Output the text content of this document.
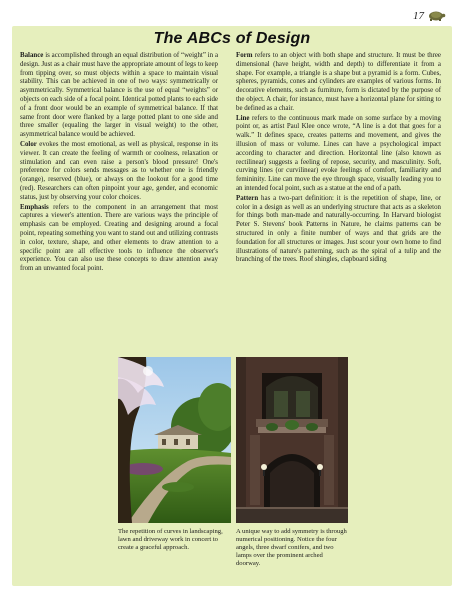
17
The ABCs of Design

Balance is accomplished through an equal distribution of “weight” in a design. Just as a chair must have the appropriate amount of legs to keep from tipping over, so must objects within a space to maintain visual stability. This can be achieved in one of two ways: symmetrically or asymmetrically. Symmetrical balance is the use of equal “weights” or objects on each side of a focal point. Identical potted plants to each side of a front door would be an example of symmetrical balance. If that same front door were flanked by a large potted plant to one side and three smaller (equaling the larger in visual weight) to the other, asymmetrical balance would be achieved.

Color evokes the most emotional, as well as physical, response in its viewer. It can create the feeling of warmth or coolness, relaxation or stimulation and can even raise a person's blood pressure! One's preference for colors sends messages as to whether one is friendly (orange), reserved (blue), or always on the lookout for a good time (red). Researchers can often pinpoint your age, gender, and economic status, just by observing your color choices.

Emphasis refers to the component in an arrangement that most captures a viewer's attention. There are various ways the principle of emphasis can be employed. Creating and designing around a focal point, repeating something you want to stand out and utilizing contrasts in color, texture, shape, and other elements to draw attention to a specific point are all effective tools to influence the observer's experience. You can also use these concepts to draw attention away from an unwanted focal point.

Form refers to an object with both shape and structure. It must be three dimensional (have height, width and depth) to differentiate it from a shape. For example, a triangle is a shape but a pyramid is a form. Cubes, spheres, pyramids, cones and cylinders are examples of various forms. In decorative elements, such as furniture, form is dictated by the purpose of the object. A chair, for instance, must have a horizontal plane for sitting to be defined as a chair.

Line refers to the continuous mark made on some surface by a moving point or, as artist Paul Klee once wrote, “A line is a dot that goes for a walk.” It defines space, creates patterns and movement, and gives the illusion of mass or volume. Lines can have a psychological impact according to character and direction. Horizontal line (also known as rectilinear) suggests a feeling of repose, security, and masculinity. Soft, curving lines (or curvilinear) evoke feelings of comfort, familiarity and femininity. Line can move the eye through space, visually leading you to an intended focal point, such as a statue at the end of a path.

Pattern has a two-part definition: it is the repetition of shape, line, or color in a design as well as an underlying structure that acts as a skeleton for things both man-made and naturally-occurring. In Harvard biologist Peter S. Stevens' book Patterns in Nature, he claims patterns can be structured in only a finite number of ways and that grids are the foundation for all structures or images. Just scour your own home to find illustrations of nature's patterning, such as the spiral of a tulip and the branching of the trees. Roof shingles, clapboard siding

The repetition of curves in landscaping, lawn and driveway work in concert to create a graceful approach.
A unique way to add symmetry is through numerical positioning. Notice the four angels, three dwarf conifers, and two lamps over the prominent arched doorway.
